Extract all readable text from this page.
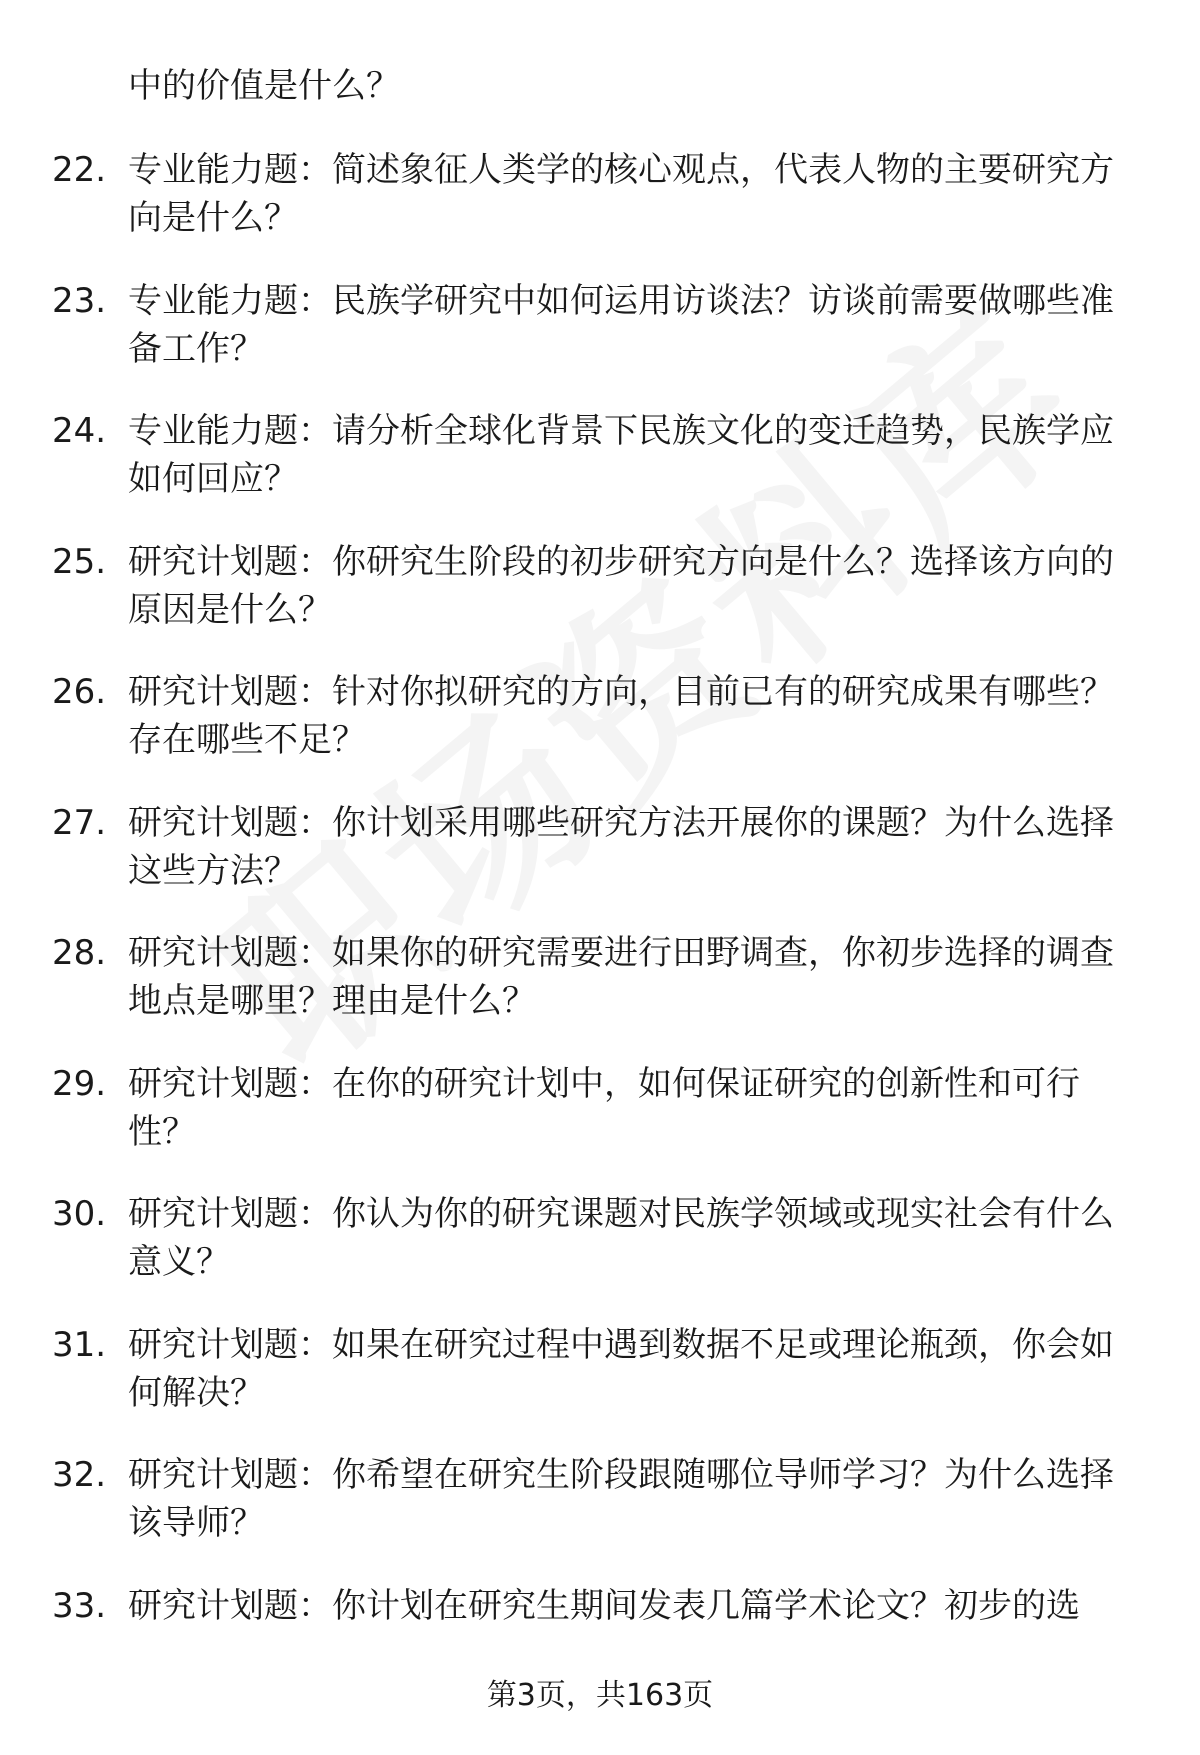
中的价值是什么？

22. 专业能力题：简述象征人类学的核心观点，代表人物的主要研究方向是什么？

23. 专业能力题：民族学研究中如何运用访谈法？访谈前需要做哪些准备工作？

24. 专业能力题：请分析全球化背景下民族文化的变迁趋势，民族学应如何回应？

25. 研究计划题：你研究生阶段的初步研究方向是什么？选择该方向的原因是什么？

26. 研究计划题：针对你拟研究的方向，目前已有的研究成果有哪些？存在哪些不足？

27. 研究计划题：你计划采用哪些研究方法开展你的课题？为什么选择这些方法？

28. 研究计划题：如果你的研究需要进行田野调查，你初步选择的调查地点是哪里？理由是什么？

29. 研究计划题：在你的研究计划中，如何保证研究的创新性和可行性？

30. 研究计划题：你认为你的研究课题对民族学领域或现实社会有什么意义？

31. 研究计划题：如果在研究过程中遇到数据不足或理论瓶颈，你会如何解决？

32. 研究计划题：你希望在研究生阶段跟随哪位导师学习？为什么选择该导师？

33. 研究计划题：你计划在研究生期间发表几篇学术论文？初步的选

第3页，共163页
